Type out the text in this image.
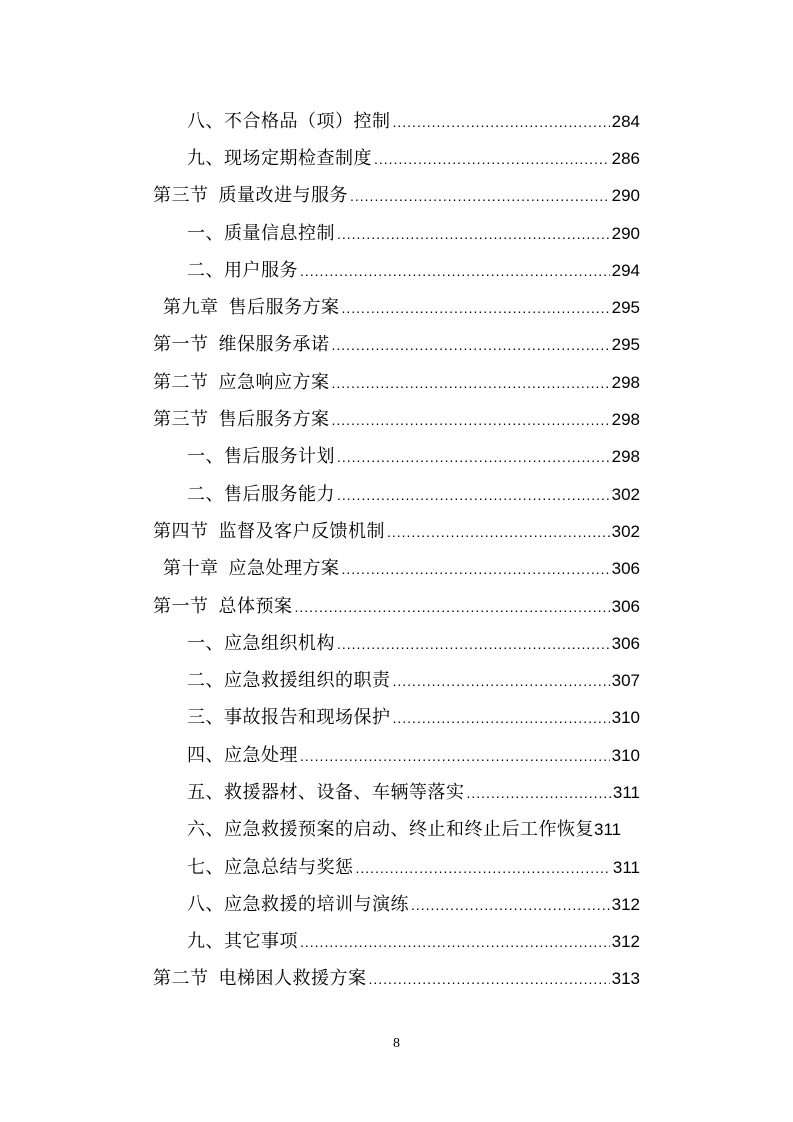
八、不合格品（项）控制 .....	284
九、现场定期检查制度 .....	286
第三节 质量改进与服务 .....	290
一、质量信息控制 .....	290
二、用户服务 .....	294
第九章 售后服务方案 .....	295
第一节 维保服务承诺 .....	295
第二节 应急响应方案 .....	298
第三节 售后服务方案 .....	298
一、售后服务计划 .....	298
二、售后服务能力 .....	302
第四节 监督及客户反馈机制 .....	302
第十章 应急处理方案 .....	306
第一节 总体预案 .....	306
一、应急组织机构 .....	306
二、应急救援组织的职责 .....	307
三、事故报告和现场保护 .....	310
四、应急处理 .....	310
五、救援器材、设备、车辆等落实 .....	311
六、应急救援预案的启动、终止和终止后工作恢复 311
七、应急总结与奖惩 .....	311
八、应急救援的培训与演练 .....	312
九、其它事项 .....	312
第二节 电梯困人救援方案 .....	313
8
